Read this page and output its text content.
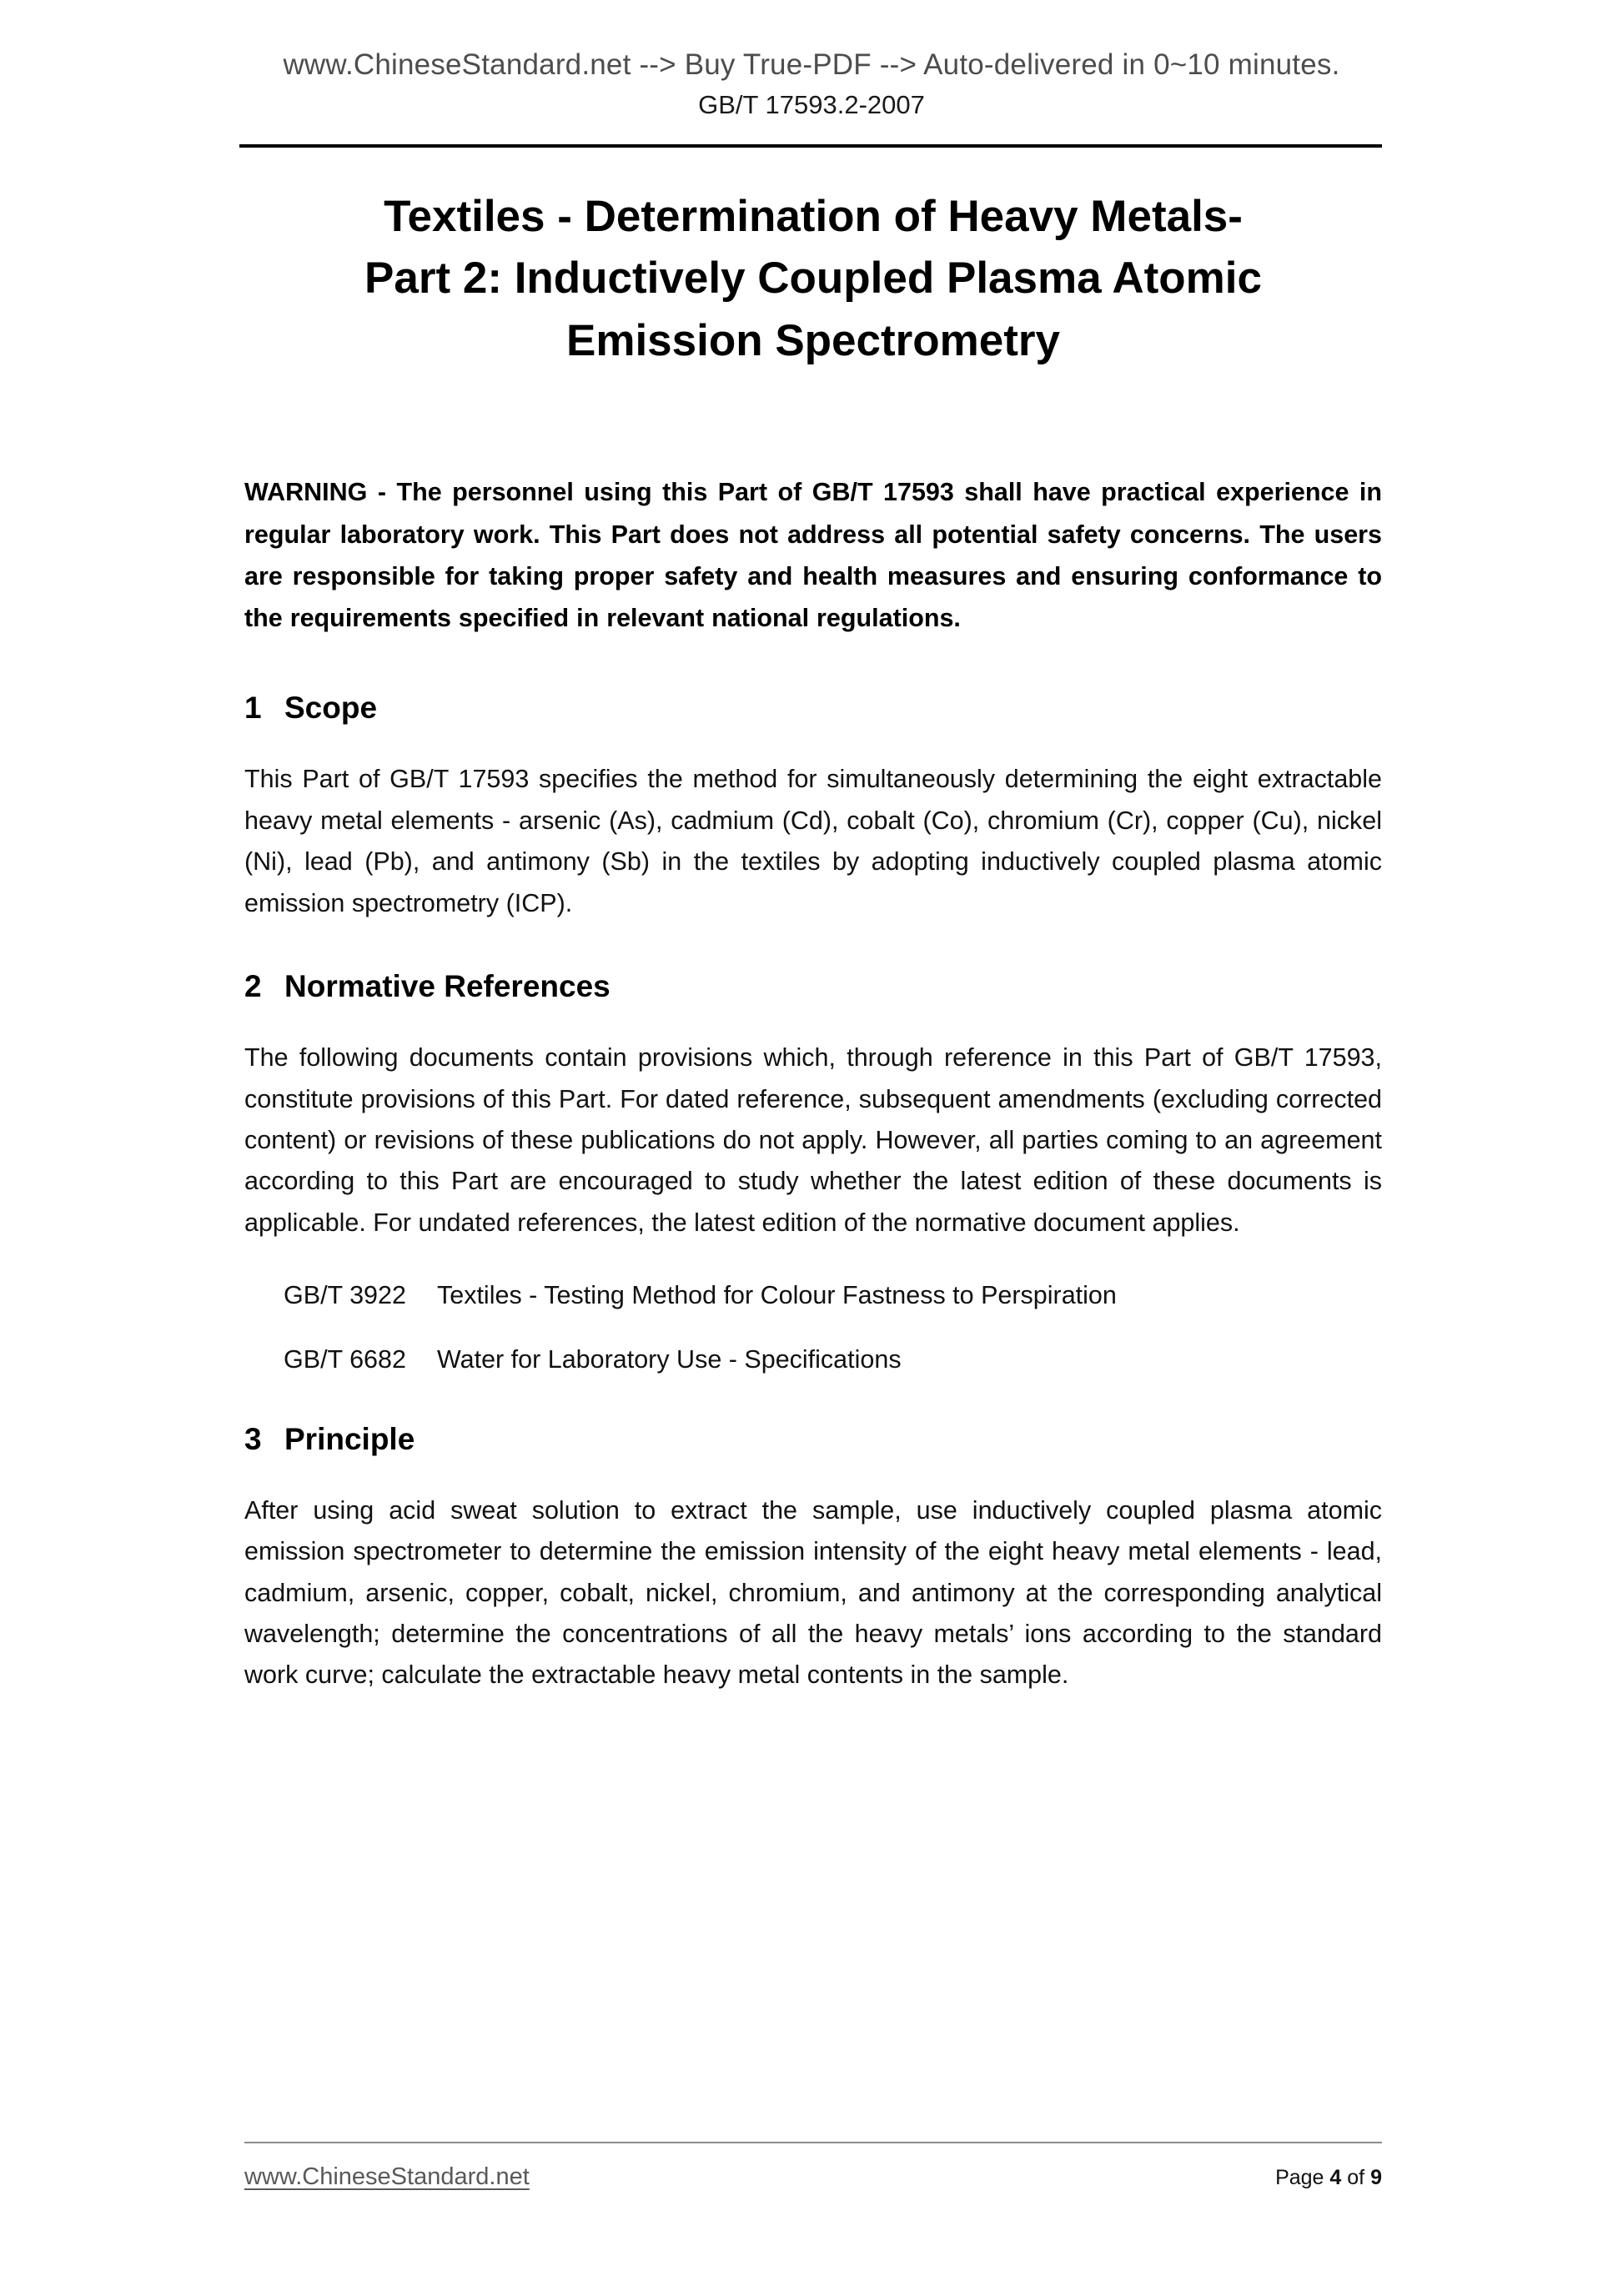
www.ChineseStandard.net --> Buy True-PDF --> Auto-delivered in 0~10 minutes.
GB/T 17593.2-2007
Textiles - Determination of Heavy Metals-
Part 2: Inductively Coupled Plasma Atomic
Emission Spectrometry

WARNING - The personnel using this Part of GB/T 17593 shall have practical experience in regular laboratory work. This Part does not address all potential safety concerns. The users are responsible for taking proper safety and health measures and ensuring conformance to the requirements specified in relevant national regulations.

1 Scope

This Part of GB/T 17593 specifies the method for simultaneously determining the eight extractable heavy metal elements - arsenic (As), cadmium (Cd), cobalt (Co), chromium (Cr), copper (Cu), nickel (Ni), lead (Pb), and antimony (Sb) in the textiles by adopting inductively coupled plasma atomic emission spectrometry (ICP).

2 Normative References

The following documents contain provisions which, through reference in this Part of GB/T 17593, constitute provisions of this Part. For dated reference, subsequent amendments (excluding corrected content) or revisions of these publications do not apply. However, all parties coming to an agreement according to this Part are encouraged to study whether the latest edition of these documents is applicable. For undated references, the latest edition of the normative document applies.

GB/T 3922 Textiles - Testing Method for Colour Fastness to Perspiration

GB/T 6682 Water for Laboratory Use - Specifications

3 Principle

After using acid sweat solution to extract the sample, use inductively coupled plasma atomic emission spectrometer to determine the emission intensity of the eight heavy metal elements - lead, cadmium, arsenic, copper, cobalt, nickel, chromium, and antimony at the corresponding analytical wavelength; determine the concentrations of all the heavy metals’ ions according to the standard work curve; calculate the extractable heavy metal contents in the sample.

www.ChineseStandard.net	Page 4 of 9
